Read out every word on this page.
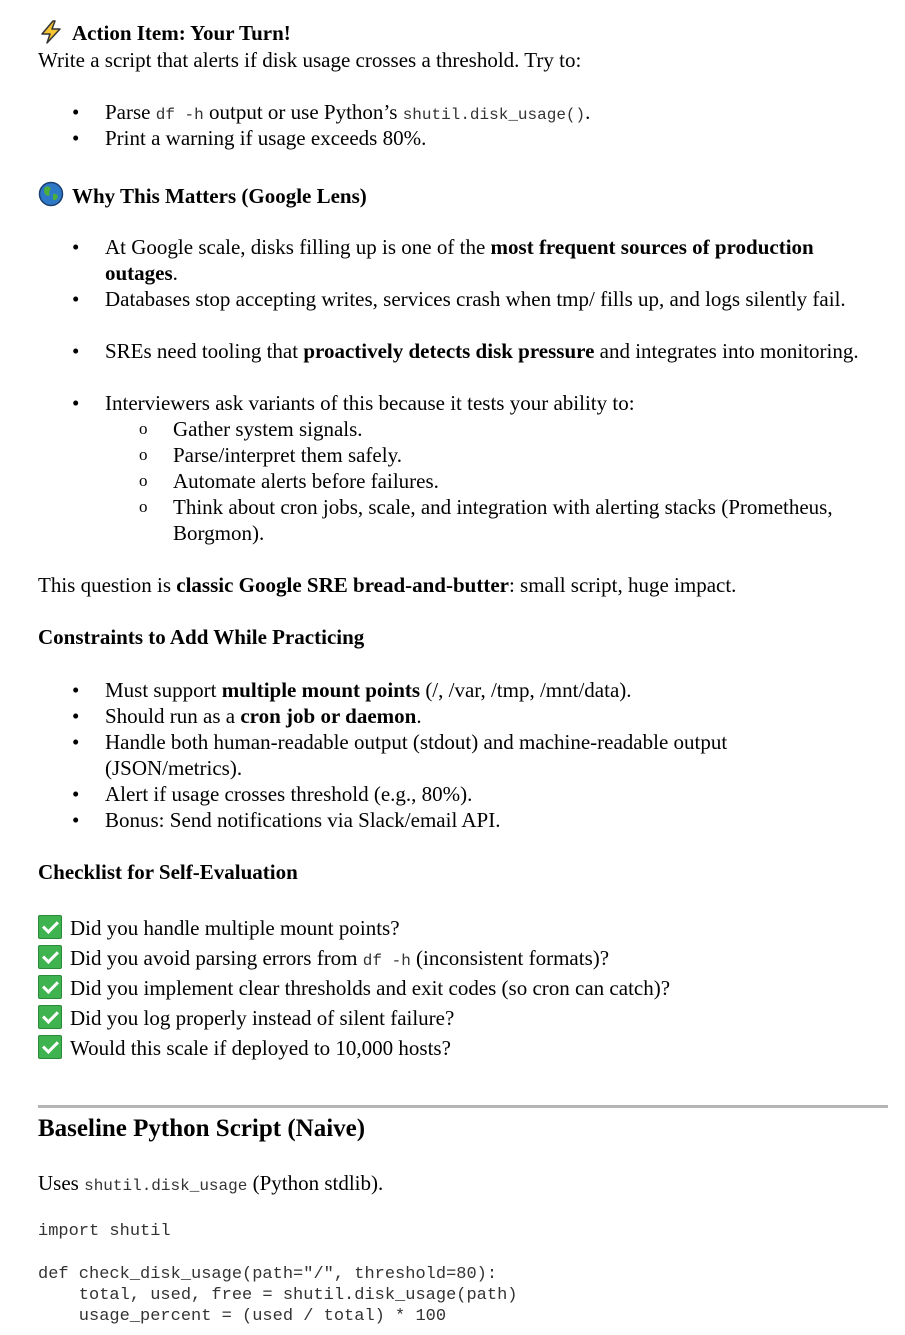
Action Item: Your Turn!
Write a script that alerts if disk usage crosses a threshold. Try to:
• Parse df -h output or use Python’s shutil.disk_usage().
• Print a warning if usage exceeds 80%.
Why This Matters (Google Lens)
• At Google scale, disks filling up is one of the most frequent sources of production outages.
• Databases stop accepting writes, services crash when tmp/ fills up, and logs silently fail.
• SREs need tooling that proactively detects disk pressure and integrates into monitoring.
• Interviewers ask variants of this because it tests your ability to:
o Gather system signals.
o Parse/interpret them safely.
o Automate alerts before failures.
o Think about cron jobs, scale, and integration with alerting stacks (Prometheus, Borgmon).
This question is classic Google SRE bread-and-butter: small script, huge impact.
Constraints to Add While Practicing
• Must support multiple mount points (/, /var, /tmp, /mnt/data).
• Should run as a cron job or daemon.
• Handle both human-readable output (stdout) and machine-readable output (JSON/metrics).
• Alert if usage crosses threshold (e.g., 80%).
• Bonus: Send notifications via Slack/email API.
Checklist for Self-Evaluation
Did you handle multiple mount points?
Did you avoid parsing errors from df -h (inconsistent formats)?
Did you implement clear thresholds and exit codes (so cron can catch)?
Did you log properly instead of silent failure?
Would this scale if deployed to 10,000 hosts?
Baseline Python Script (Naive)
Uses shutil.disk_usage (Python stdlib).
import shutil
def check_disk_usage(path="/", threshold=80):
total, used, free = shutil.disk_usage(path)
usage_percent = (used / total) * 100
